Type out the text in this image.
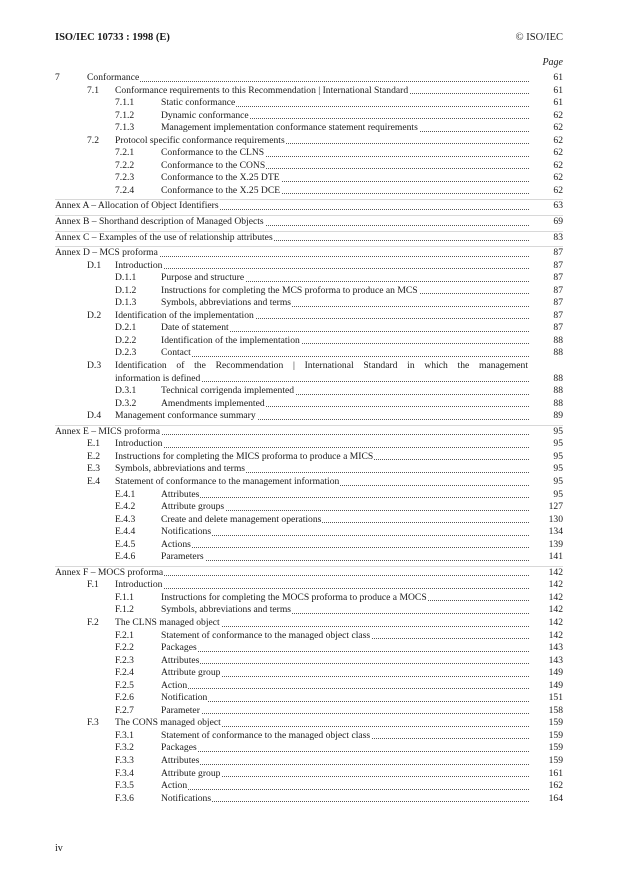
ISO/IEC 10733 : 1998 (E)	© ISO/IEC
Page
7	Conformance	61
7.1 Conformance requirements to this Recommendation | International Standard	61
7.1.1	Static conformance	61
7.1.2	Dynamic conformance	62
7.1.3	Management implementation conformance statement requirements	62
7.2 Protocol specific conformance requirements	62
7.2.1	Conformance to the CLNS	62
7.2.2	Conformance to the CONS	62
7.2.3	Conformance to the X.25 DTE	62
7.2.4	Conformance to the X.25 DCE	62
Annex A – Allocation of Object Identifiers	63
Annex B – Shorthand description of Managed Objects	69
Annex C – Examples of the use of relationship attributes	83
Annex D – MCS proforma	87
D.1 Introduction	87
D.1.1	Purpose and structure	87
D.1.2	Instructions for completing the MCS proforma to produce an MCS	87
D.1.3	Symbols, abbreviations and terms	87
D.2 Identification of the implementation	87
D.2.1	Date of statement	87
D.2.2	Identification of the implementation	88
D.2.3	Contact	88
D.3 Identification of the Recommendation | International Standard in which the management
information is defined	88
D.3.1	Technical corrigenda implemented	88
D.3.2	Amendments implemented	88
D.4 Management conformance summary	89
Annex E – MICS proforma	95
E.1 Introduction	95
E.2 Instructions for completing the MICS proforma to produce a MICS	95
E.3 Symbols, abbreviations and terms	95
E.4 Statement of conformance to the management information	95
E.4.1	Attributes	95
E.4.2	Attribute groups	127
E.4.3	Create and delete management operations	130
E.4.4	Notifications	134
E.4.5	Actions	139
E.4.6	Parameters	141
Annex F – MOCS proforma	142
F.1 Introduction	142
F.1.1	Instructions for completing the MOCS proforma to produce a MOCS	142
F.1.2	Symbols, abbreviations and terms	142
F.2 The CLNS managed object	142
F.2.1	Statement of conformance to the managed object class	142
F.2.2	Packages	143
F.2.3	Attributes	143
F.2.4	Attribute group	149
F.2.5	Action	149
F.2.6	Notification	151
F.2.7	Parameter	158
F.3 The CONS managed object	159
F.3.1	Statement of conformance to the managed object class	159
F.3.2	Packages	159
F.3.3	Attributes	159
F.3.4	Attribute group	161
F.3.5	Action	162
F.3.6	Notifications	164
iv
